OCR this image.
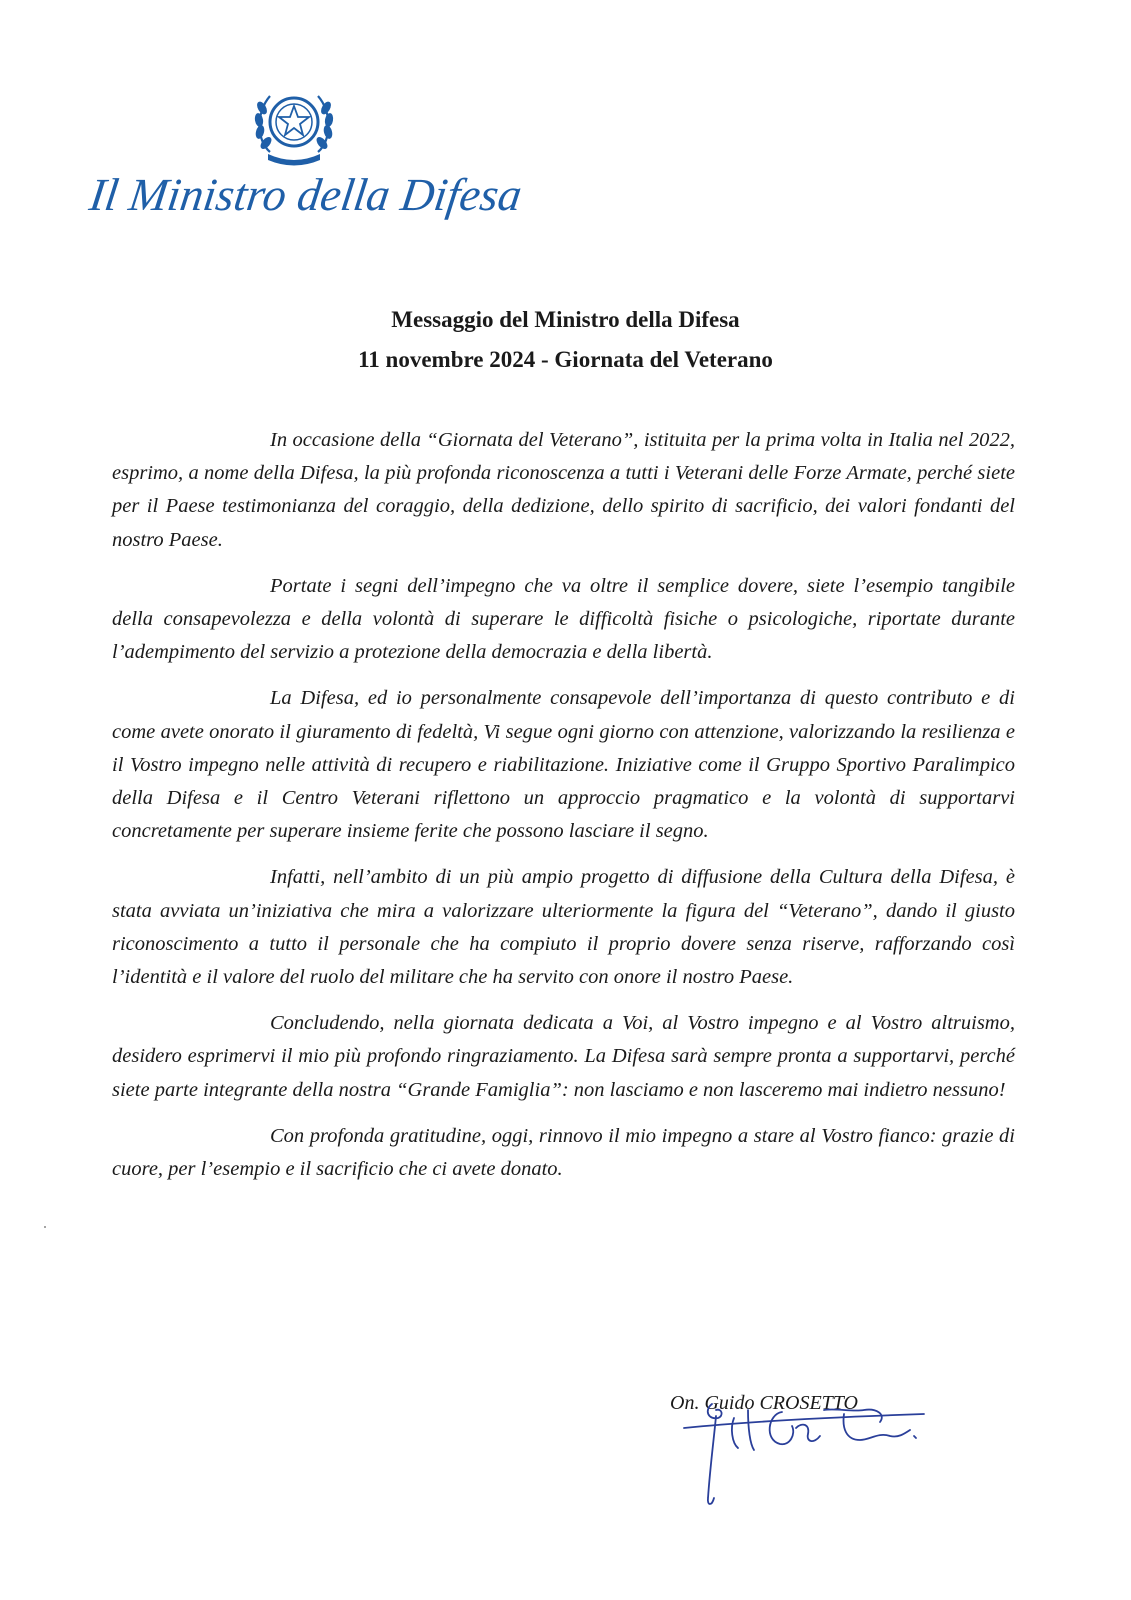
Il Ministro della Difesa
Messaggio del Ministro della Difesa
11 novembre 2024 - Giornata del Veterano

In occasione della “Giornata del Veterano”, istituita per la prima volta in Italia nel 2022, esprimo, a nome della Difesa, la più profonda riconoscenza a tutti i Veterani delle Forze Armate, perché siete per il Paese testimonianza del coraggio, della dedizione, dello spirito di sacrificio, dei valori fondanti del nostro Paese.

Portate i segni dell’impegno che va oltre il semplice dovere, siete l’esempio tangibile della consapevolezza e della volontà di superare le difficoltà fisiche o psicologiche, riportate durante l’adempimento del servizio a protezione della democrazia e della libertà.

La Difesa, ed io personalmente consapevole dell’importanza di questo contributo e di come avete onorato il giuramento di fedeltà, Vi segue ogni giorno con attenzione, valorizzando la resilienza e il Vostro impegno nelle attività di recupero e riabilitazione. Iniziative come il Gruppo Sportivo Paralimpico della Difesa e il Centro Veterani riflettono un approccio pragmatico e la volontà di supportarvi concretamente per superare insieme ferite che possono lasciare il segno.

Infatti, nell’ambito di un più ampio progetto di diffusione della Cultura della Difesa, è stata avviata un’iniziativa che mira a valorizzare ulteriormente la figura del “Veterano”, dando il giusto riconoscimento a tutto il personale che ha compiuto il proprio dovere senza riserve, rafforzando così l’identità e il valore del ruolo del militare che ha servito con onore il nostro Paese.

Concludendo, nella giornata dedicata a Voi, al Vostro impegno e al Vostro altruismo, desidero esprimervi il mio più profondo ringraziamento. La Difesa sarà sempre pronta a supportarvi, perché siete parte integrante della nostra “Grande Famiglia”: non lasciamo e non lasceremo mai indietro nessuno!

Con profonda gratitudine, oggi, rinnovo il mio impegno a stare al Vostro fianco: grazie di cuore, per l’esempio e il sacrificio che ci avete donato.

On. Guido CROSETTO
